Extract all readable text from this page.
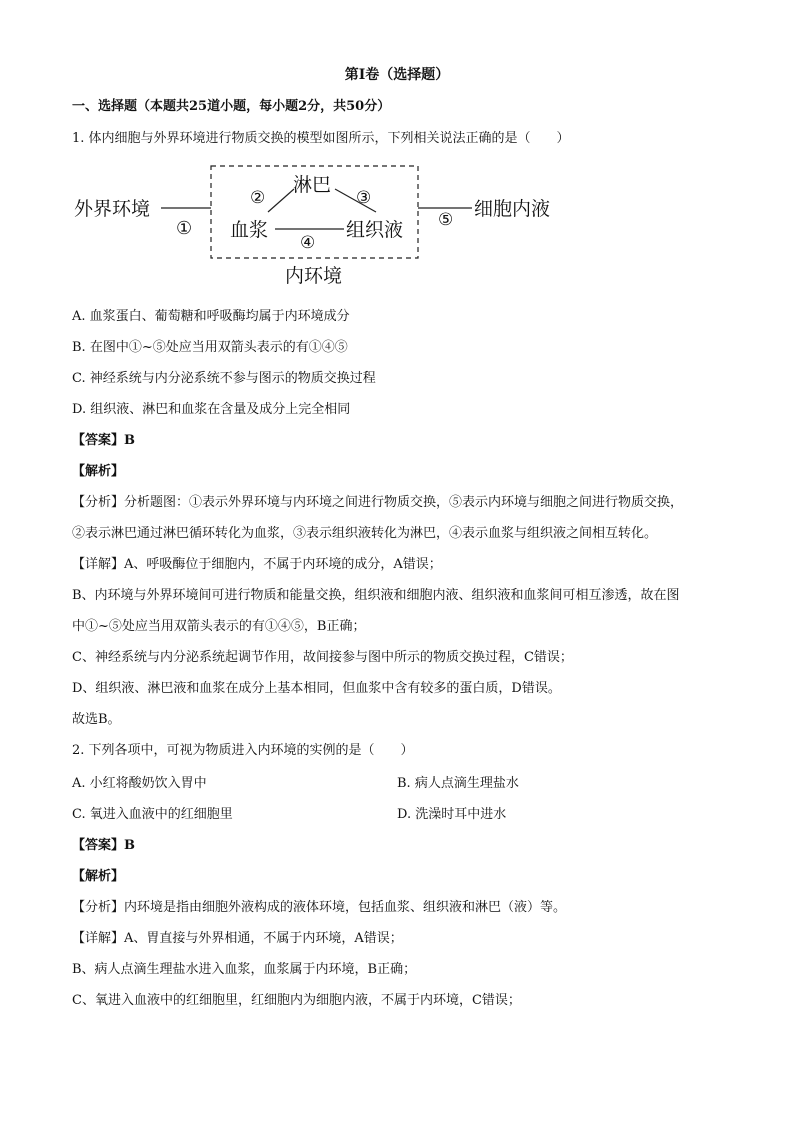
第Ⅰ卷（选择题）
一、选择题（本题共25道小题，每小题2分，共50分）
1. 体内细胞与外界环境进行物质交换的模型如图所示，下列相关说法正确的是（　　）
外界环境
①
淋巴
②	③
血浆
④
组织液 ⑤ 细胞内液
内环境
A. 血浆蛋白、葡萄糖和呼吸酶均属于内环境成分
B. 在图中①~⑤处应当用双箭头表示的有①④⑤
C. 神经系统与内分泌系统不参与图示的物质交换过程
D. 组织液、淋巴和血浆在含量及成分上完全相同
【答案】B
【解析】
【分析】分析题图：①表示外界环境与内环境之间进行物质交换，⑤表示内环境与细胞之间进行物质交换，
②表示淋巴通过淋巴循环转化为血浆，③表示组织液转化为淋巴，④表示血浆与组织液之间相互转化。
【详解】A、呼吸酶位于细胞内，不属于内环境的成分，A错误；
B、内环境与外界环境间可进行物质和能量交换，组织液和细胞内液、组织液和血浆间可相互渗透，故在图
中①~⑤处应当用双箭头表示的有①④⑤，B正确；
C、神经系统与内分泌系统起调节作用，故间接参与图中所示的物质交换过程，C错误；
D、组织液、淋巴液和血浆在成分上基本相同，但血浆中含有较多的蛋白质，D错误。
故选B。
2. 下列各项中，可视为物质进入内环境的实例的是（　　）
A. 小红将酸奶饮入胃中	B. 病人点滴生理盐水
C. 氧进入血液中的红细胞里	D. 洗澡时耳中进水
【答案】B
【解析】
【分析】内环境是指由细胞外液构成的液体环境，包括血浆、组织液和淋巴（液）等。
【详解】A、胃直接与外界相通，不属于内环境，A错误；
B、病人点滴生理盐水进入血浆，血浆属于内环境，B正确；
C、氧进入血液中的红细胞里，红细胞内为细胞内液，不属于内环境，C错误；
